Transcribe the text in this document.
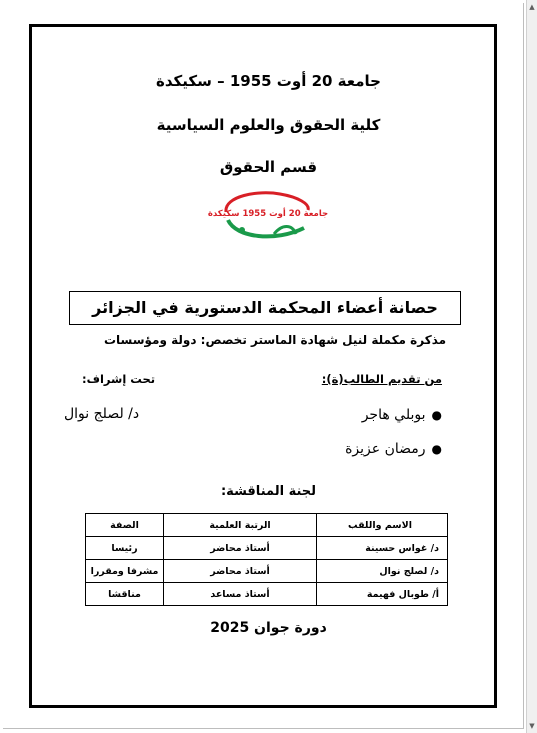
▲
▼
جامعة 20 أوت 1955 – سكيكدة
كلية الحقوق والعلوم السياسية
قسم الحقوق
جامعة 20 أوت 1955 سكيكدة
حصانة أعضاء المحكمة الدستورية في الجزائر
مذكرة مكملة لنيل شهادة الماستر تخصص: دولة ومؤسسات
من تقديم الطالب(ة):
تحت إشراف:
●بوبلي هاجر
●رمضان عزيزة
د/ لصلج نوال
لجنة المناقشة:
الاسم واللقب	الرتبة العلمية	الصفة
د/ غواس حسينة	أستاذ محاضر	رئيسا
د/ لصلج نوال	أستاذ محاضر	مشرفا ومقررا
أ/ طوبال فهيمة	أستاذ مساعد	مناقشا
دورة جوان 2025
